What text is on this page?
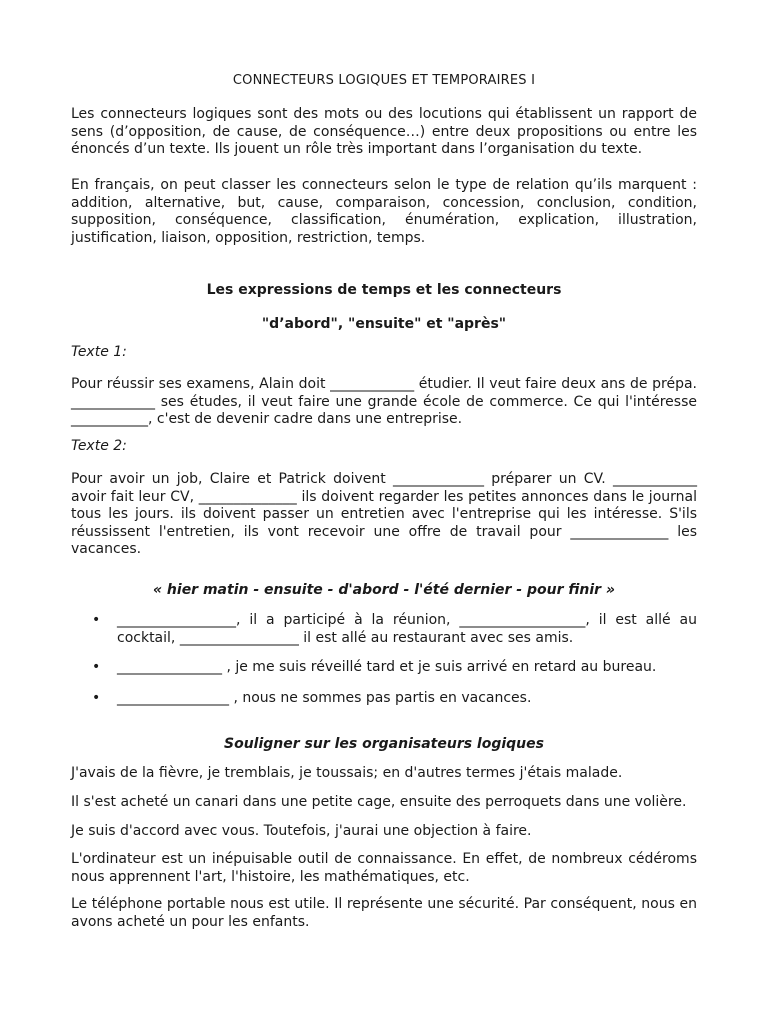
CONNECTEURS LOGIQUES ET TEMPORAIRES I

Les connecteurs logiques sont des mots ou des locutions qui établissent un rapport de sens (d’opposition, de cause, de conséquence…) entre deux propositions ou entre les énoncés d’un texte. Ils jouent un rôle très important dans l’organisation du texte.

En français, on peut classer les connecteurs selon le type de relation qu’ils marquent : addition, alternative, but, cause, comparaison, concession, conclusion, condition, supposition, conséquence, classification, énumération, explication, illustration, justification, liaison, opposition, restriction, temps.

Les expressions de temps et les connecteurs

"d’abord", "ensuite" et "après"

Texte 1:

Pour réussir ses examens, Alain doit ____________ étudier. Il veut faire deux ans de prépa. ____________ ses études, il veut faire une grande école de commerce. Ce qui l'intéresse ___________, c'est de devenir cadre dans une entreprise.

Texte 2:

Pour avoir un job, Claire et Patrick doivent _____________ préparer un CV. ____________ avoir fait leur CV, ______________ ils doivent regarder les petites annonces dans le journal tous les jours. ils doivent passer un entretien avec l'entreprise qui les intéresse. S'ils réussissent l'entretien, ils vont recevoir une offre de travail pour ______________ les vacances.

« hier matin - ensuite - d'abord - l'été dernier - pour finir »

• _________________, il a participé à la réunion, __________________, il est allé au cocktail, _________________ il est allé au restaurant avec ses amis.
• _______________ , je me suis réveillé tard et je suis arrivé en retard au bureau.
• ________________ , nous ne sommes pas partis en vacances.

Souligner sur les organisateurs logiques

J'avais de la fièvre, je tremblais, je toussais; en d'autres termes j'étais malade.

Il s'est acheté un canari dans une petite cage, ensuite des perroquets dans une volière.

Je suis d'accord avec vous. Toutefois, j'aurai une objection à faire.

L'ordinateur est un inépuisable outil de connaissance. En effet, de nombreux cédéroms nous apprennent l'art, l'histoire, les mathématiques, etc.

Le téléphone portable nous est utile. Il représente une sécurité. Par conséquent, nous en avons acheté un pour les enfants.
